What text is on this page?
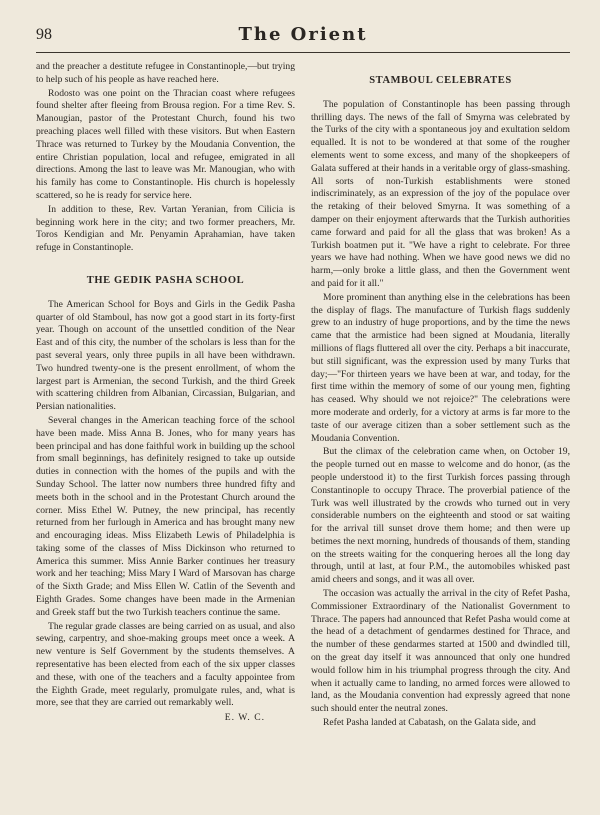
98	The Orient

and the preacher a destitute refugee in Constantinople,—but trying to help such of his people as have reached here.

Rodosto was one point on the Thracian coast where refugees found shelter after fleeing from Brousa region. For a time Rev. S. Manougian, pastor of the Protestant Church, found his two preaching places well filled with these visitors. But when Eastern Thrace was returned to Turkey by the Moudania Convention, the entire Christian population, local and refugee, emigrated in all directions. Among the last to leave was Mr. Manougian, who with his family has come to Constantinople. His church is hopelessly scattered, so he is ready for service here.

In addition to these, Rev. Vartan Yeranian, from Cilicia is beginning work here in the city; and two former preachers, Mr. Toros Kendigian and Mr. Penyamin Aprahamian, have taken refuge in Constantinople.

THE GEDIK PASHA SCHOOL

The American School for Boys and Girls in the Gedik Pasha quarter of old Stamboul, has now got a good start in its forty-first year. Though on account of the unsettled condition of the Near East and of this city, the number of the scholars is less than for the past several years, only three pupils in all have been withdrawn. Two hundred twenty-one is the present enrollment, of whom the largest part is Armenian, the second Turkish, and the third Greek with scattering children from Albanian, Circassian, Bulgarian, and Persian nationalities.

Several changes in the American teaching force of the school have been made. Miss Anna B. Jones, who for many years has been principal and has done faithful work in building up the school from small beginnings, has definitely resigned to take up outside duties in connection with the homes of the pupils and with the Sunday School. The latter now numbers three hundred fifty and meets both in the school and in the Protestant Church around the corner. Miss Ethel W. Putney, the new principal, has recently returned from her furlough in America and has brought many new and encouraging ideas. Miss Elizabeth Lewis of Philadelphia is taking some of the classes of Miss Dickinson who returned to America this summer. Miss Annie Barker continues her treasury work and her teaching; Miss Mary I Ward of Marsovan has charge of the Sixth Grade; and Miss Ellen W. Catlin of the Seventh and Eighth Grades. Some changes have been made in the Armenian and Greek staff but the two Turkish teachers continue the same.

The regular grade classes are being carried on as usual, and also sewing, carpentry, and shoe-making groups meet once a week. A new venture is Self Government by the students themselves. A representative has been elected from each of the six upper classes and these, with one of the teachers and a faculty appointee from the Eighth Grade, meet regularly, promulgate rules, and, what is more, see that they are carried out remarkably well.

E. W. C.
STAMBOUL CELEBRATES

The population of Constantinople has been passing through thrilling days. The news of the fall of Smyrna was celebrated by the Turks of the city with a spontaneous joy and exultation seldom equalled. It is not to be wondered at that some of the rougher elements went to some excess, and many of the shopkeepers of Galata suffered at their hands in a veritable orgy of glass-smashing. All sorts of non-Turkish establishments were stoned indiscriminately, as an expression of the joy of the populace over the retaking of their beloved Smyrna. It was something of a damper on their enjoyment afterwards that the Turkish authorities came forward and paid for all the glass that was broken! As a Turkish boatmen put it. "We have a right to celebrate. For three years we have had nothing. When we have good news we did no harm,—only broke a little glass, and then the Government went and paid for it all."

More prominent than anything else in the celebrations has been the display of flags. The manufacture of Turkish flags suddenly grew to an industry of huge proportions, and by the time the news came that the armistice had been signed at Moudania, literally millions of flags fluttered all over the city. Perhaps a bit inaccurate, but still significant, was the expression used by many Turks that day;—"For thirteen years we have been at war, and today, for the first time within the memory of some of our young men, fighting has ceased. Why should we not rejoice?" The celebrations were more moderate and orderly, for a victory at arms is far more to the taste of our average citizen than a sober settlement such as the Moudania Convention.

But the climax of the celebration came when, on October 19, the people turned out en masse to welcome and do honor, (as the people understood it) to the first Turkish forces passing through Constantinople to occupy Thrace. The proverbial patience of the Turk was well illustrated by the crowds who turned out in very considerable numbers on the eighteenth and stood or sat waiting for the arrival till sunset drove them home; and then were up betimes the next morning, hundreds of thousands of them, standing on the streets waiting for the conquering heroes all the long day through, until at last, at four P.M., the automobiles whisked past amid cheers and songs, and it was all over.

The occasion was actually the arrival in the city of Refet Pasha, Commissioner Extraordinary of the Nationalist Government to Thrace. The papers had announced that Refet Pasha would come at the head of a detachment of gendarmes destined for Thrace, and the number of these gendarmes started at 1500 and dwindled till, on the great day itself it was announced that only one hundred would follow him in his triumphal progress through the city. And when it actually came to landing, no armed forces were allowed to land, as the Moudania convention had expressly agreed that none such should enter the neutral zones.

Refet Pasha landed at Cabatash, on the Galata side, and
